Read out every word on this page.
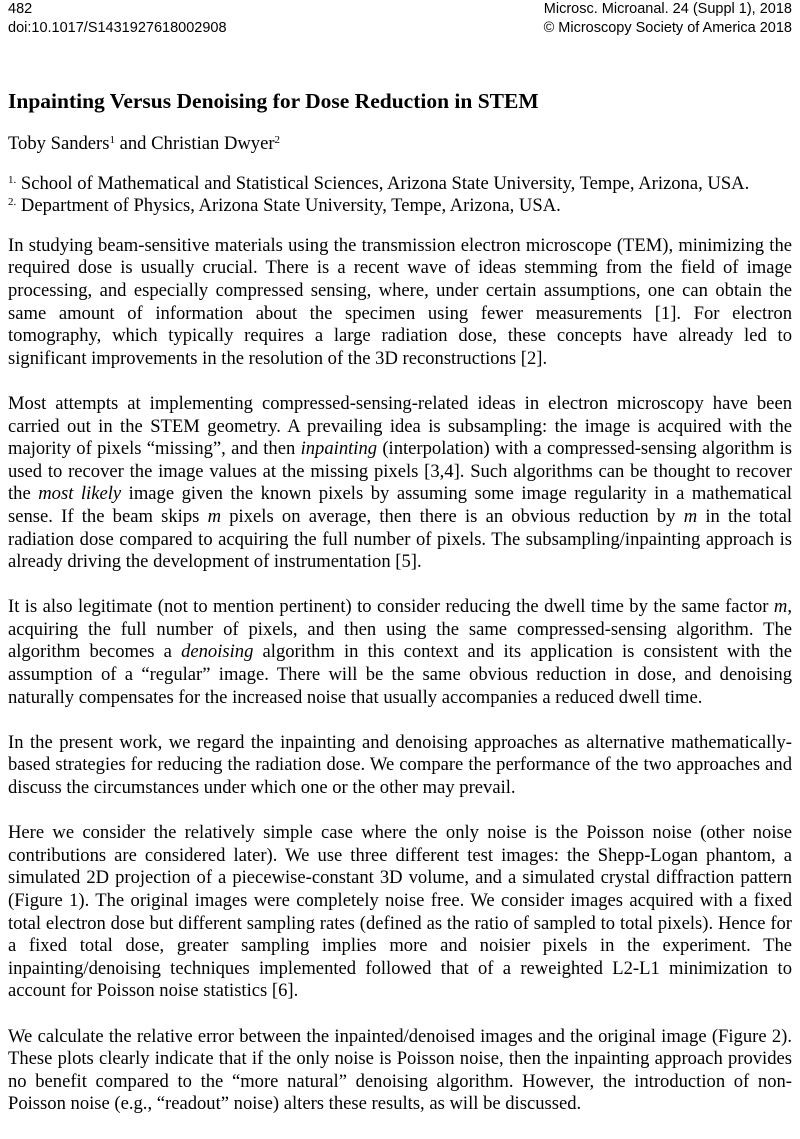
482
doi:10.1017/S1431927618002908
Microsc. Microanal. 24 (Suppl 1), 2018
© Microscopy Society of America 2018
Inpainting Versus Denoising for Dose Reduction in STEM
Toby Sanders$^1$ and Christian Dwyer$^2$
$^{1.}$ School of Mathematical and Statistical Sciences, Arizona State University, Tempe, Arizona, USA.
$^{2.}$ Department of Physics, Arizona State University, Tempe, Arizona, USA.

In studying beam-sensitive materials using the transmission electron microscope (TEM), minimizing the required dose is usually crucial. There is a recent wave of ideas stemming from the field of image processing, and especially compressed sensing, where, under certain assumptions, one can obtain the same amount of information about the specimen using fewer measurements [1]. For electron tomography, which typically requires a large radiation dose, these concepts have already led to significant improvements in the resolution of the 3D reconstructions [2].

Most attempts at implementing compressed-sensing-related ideas in electron microscopy have been carried out in the STEM geometry. A prevailing idea is subsampling: the image is acquired with the majority of pixels “missing”, and then inpainting (interpolation) with a compressed-sensing algorithm is used to recover the image values at the missing pixels [3,4]. Such algorithms can be thought to recover the most likely image given the known pixels by assuming some image regularity in a mathematical sense. If the beam skips m pixels on average, then there is an obvious reduction by m in the total radiation dose compared to acquiring the full number of pixels. The subsampling/inpainting approach is already driving the development of instrumentation [5].

It is also legitimate (not to mention pertinent) to consider reducing the dwell time by the same factor m, acquiring the full number of pixels, and then using the same compressed-sensing algorithm. The algorithm becomes a denoising algorithm in this context and its application is consistent with the assumption of a “regular” image. There will be the same obvious reduction in dose, and denoising naturally compensates for the increased noise that usually accompanies a reduced dwell time.

In the present work, we regard the inpainting and denoising approaches as alternative mathematically-based strategies for reducing the radiation dose. We compare the performance of the two approaches and discuss the circumstances under which one or the other may prevail.

Here we consider the relatively simple case where the only noise is the Poisson noise (other noise contributions are considered later). We use three different test images: the Shepp-Logan phantom, a simulated 2D projection of a piecewise-constant 3D volume, and a simulated crystal diffraction pattern (Figure 1). The original images were completely noise free. We consider images acquired with a fixed total electron dose but different sampling rates (defined as the ratio of sampled to total pixels). Hence for a fixed total dose, greater sampling implies more and noisier pixels in the experiment. The inpainting/denoising techniques implemented followed that of a reweighted L2-L1 minimization to account for Poisson noise statistics [6].

We calculate the relative error between the inpainted/denoised images and the original image (Figure 2). These plots clearly indicate that if the only noise is Poisson noise, then the inpainting approach provides no benefit compared to the “more natural” denoising algorithm. However, the introduction of non-Poisson noise (e.g., “readout” noise) alters these results, as will be discussed.
